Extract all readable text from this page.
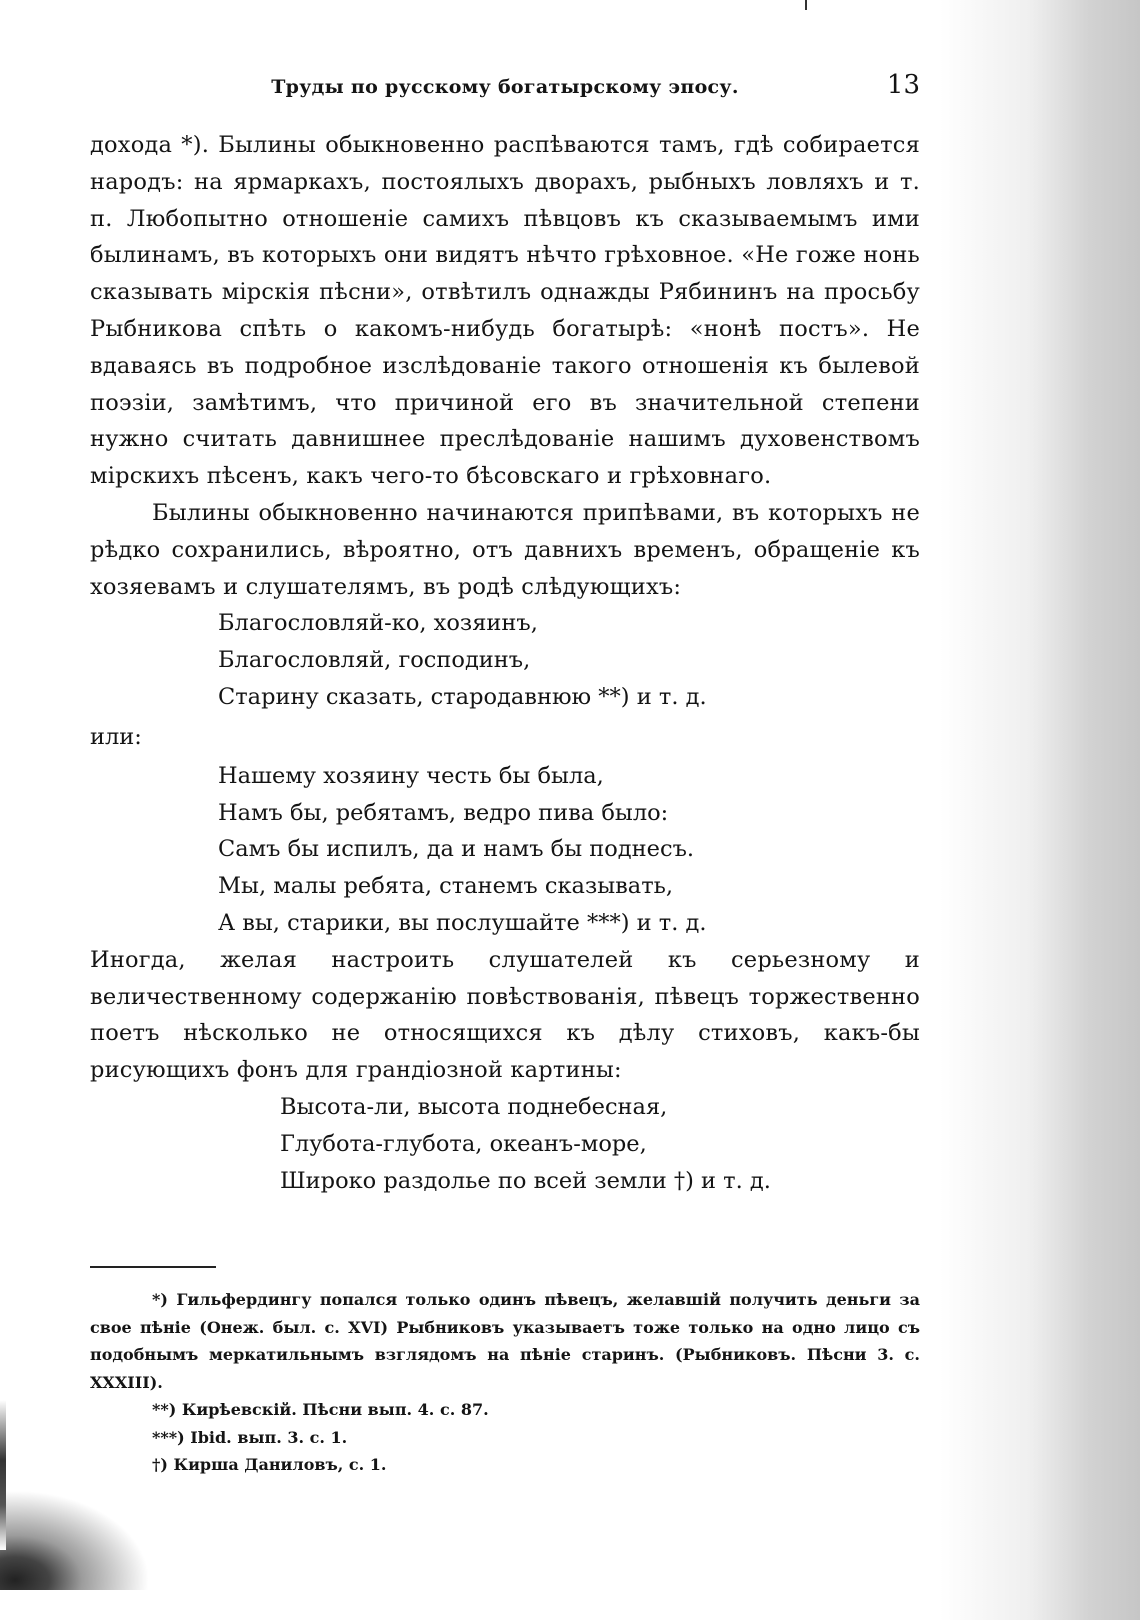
Труды по русскому богатырскому эпосу.	13

дохода *). Былины обыкновенно распѣваются тамъ, гдѣ собирается народъ: на ярмаркахъ, постоялыхъ дворахъ, рыбныхъ ловляхъ и т. п. Любопытно отношеніе самихъ пѣвцовъ къ сказываемымъ ими былинамъ, въ которыхъ они видятъ нѣчто грѣховное. «Не гоже нонь сказывать мірскія пѣсни», отвѣтилъ однажды Рябининъ на просьбу Рыбникова спѣть о какомъ-нибудь богатырѣ: «нонѣ постъ». Не вдаваясь въ подробное изслѣдованіе такого отношенія къ былевой поэзіи, замѣтимъ, что причиной его въ значительной степени нужно считать давнишнее преслѣдованіе нашимъ духовенствомъ мірскихъ пѣсенъ, какъ чего-то бѣсовскаго и грѣховнаго.

Былины обыкновенно начинаются припѣвами, въ которыхъ не рѣдко сохранились, вѣроятно, отъ давнихъ временъ, обращеніе къ хозяевамъ и слушателямъ, въ родѣ слѣдующихъ:

Благословляй-ко, хозяинъ,

Благословляй, господинъ,

Старину сказать, стародавнюю **) и т. д.

или:

Нашему хозяину честь бы была,

Намъ бы, ребятамъ, ведро пива было:

Самъ бы испилъ, да и намъ бы поднесъ.

Мы, малы ребята, станемъ сказывать,

А вы, старики, вы послушайте ***) и т. д.

Иногда, желая настроить слушателей къ серьезному и величественному содержанію повѣствованія, пѣвецъ торжественно поетъ нѣсколько не относящихся къ дѣлу стиховъ, какъ-бы рисующихъ фонъ для грандіозной картины:

Высота-ли, высота поднебесная,

Глубота-глубота, океанъ-море,

Широко раздолье по всей земли †) и т. д.

*) Гильфердингу попался только одинъ пѣвецъ, желавшій получить деньги за свое пѣніе (Онеж. был. с. XVI) Рыбниковъ указываетъ тоже только на одно лицо съ подобнымъ меркатильнымъ взглядомъ на пѣніе старинъ. (Рыбниковъ. Пѣсни 3. с. XXXIII).

**) Кирѣевскій. Пѣсни вып. 4. с. 87.

***) Ibid. вып. 3. с. 1.

†) Кирша Даниловъ, с. 1.
